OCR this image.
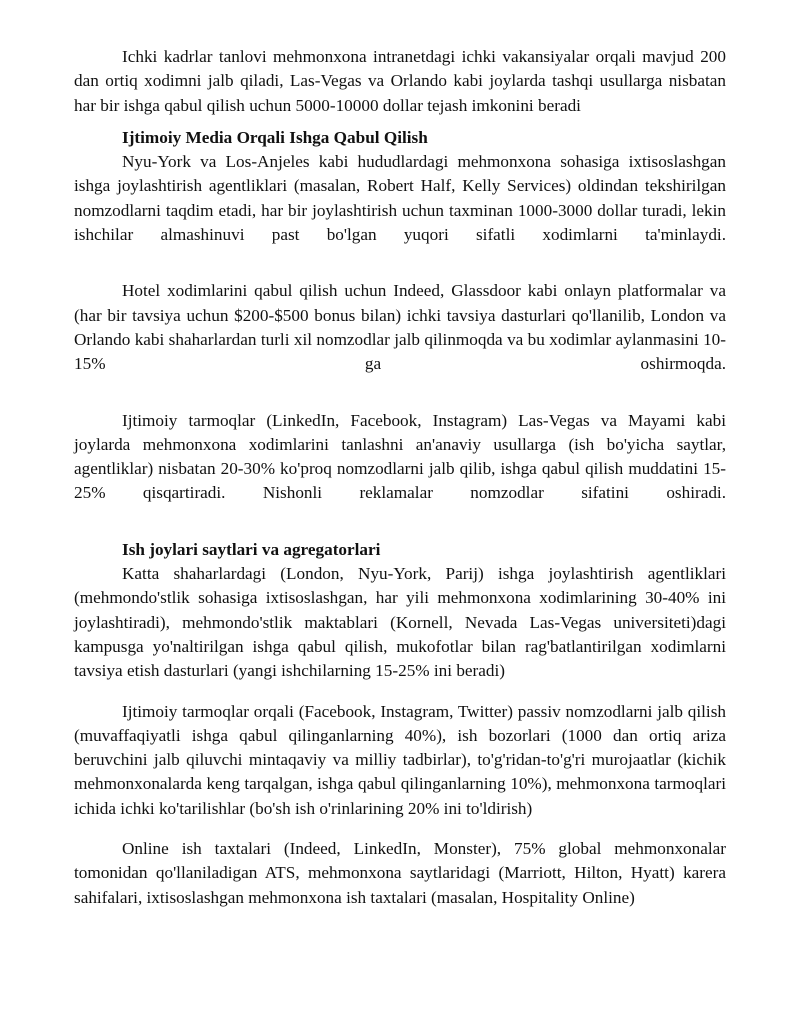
Ichki kadrlar tanlovi mehmonxona intranetdagi ichki vakansiyalar orqali mavjud 200 dan ortiq xodimni jalb qiladi, Las-Vegas va Orlando kabi joylarda tashqi usullarga nisbatan har bir ishga qabul qilish uchun 5000-10000 dollar tejash imkonini beradi

Ijtimoiy Media Orqali Ishga Qabul Qilish

Nyu-York va Los-Anjeles kabi hududlardagi mehmonxona sohasiga ixtisoslashgan ishga joylashtirish agentliklari (masalan, Robert Half, Kelly Services) oldindan tekshirilgan nomzodlarni taqdim etadi, har bir joylashtirish uchun taxminan 1000-3000 dollar turadi, lekin ishchilar almashinuvi past bo'lgan yuqori sifatli xodimlarni ta'minlaydi.

Hotel xodimlarini qabul qilish uchun Indeed, Glassdoor kabi onlayn platformalar va (har bir tavsiya uchun $200-$500 bonus bilan) ichki tavsiya dasturlari qo'llanilib, London va Orlando kabi shaharlardan turli xil nomzodlar jalb qilinmoqda va bu xodimlar aylanmasini 10-15% ga oshirmoqda.

Ijtimoiy tarmoqlar (LinkedIn, Facebook, Instagram) Las-Vegas va Mayami kabi joylarda mehmonxona xodimlarini tanlashni an'anaviy usullarga (ish bo'yicha saytlar, agentliklar) nisbatan 20-30% ko'proq nomzodlarni jalb qilib, ishga qabul qilish muddatini 15-25% qisqartiradi. Nishonli reklamalar nomzodlar sifatini oshiradi.

Ish joylari saytlari va agregatorlari

Katta shaharlardagi (London, Nyu-York, Parij) ishga joylashtirish agentliklari (mehmondo'stlik sohasiga ixtisoslashgan, har yili mehmonxona xodimlarining 30-40% ini joylashtiradi), mehmondo'stlik maktablari (Kornell, Nevada Las-Vegas universiteti)dagi kampusga yo'naltirilgan ishga qabul qilish, mukofotlar bilan rag'batlantirilgan xodimlarni tavsiya etish dasturlari (yangi ishchilarning 15-25% ini beradi)

Ijtimoiy tarmoqlar orqali (Facebook, Instagram, Twitter) passiv nomzodlarni jalb qilish (muvaffaqiyatli ishga qabul qilinganlarning 40%), ish bozorlari (1000 dan ortiq ariza beruvchini jalb qiluvchi mintaqaviy va milliy tadbirlar), to'g'ridan-to'g'ri murojaatlar (kichik mehmonxonalarda keng tarqalgan, ishga qabul qilinganlarning 10%), mehmonxona tarmoqlari ichida ichki ko'tarilishlar (bo'sh ish o'rinlarining 20% ini to'ldirish)

Online ish taxtalari (Indeed, LinkedIn, Monster), 75% global mehmonxonalar tomonidan qo'llaniladigan ATS, mehmonxona saytlaridagi (Marriott, Hilton, Hyatt) karera sahifalari, ixtisoslashgan mehmonxona ish taxtalari (masalan, Hospitality Online)
